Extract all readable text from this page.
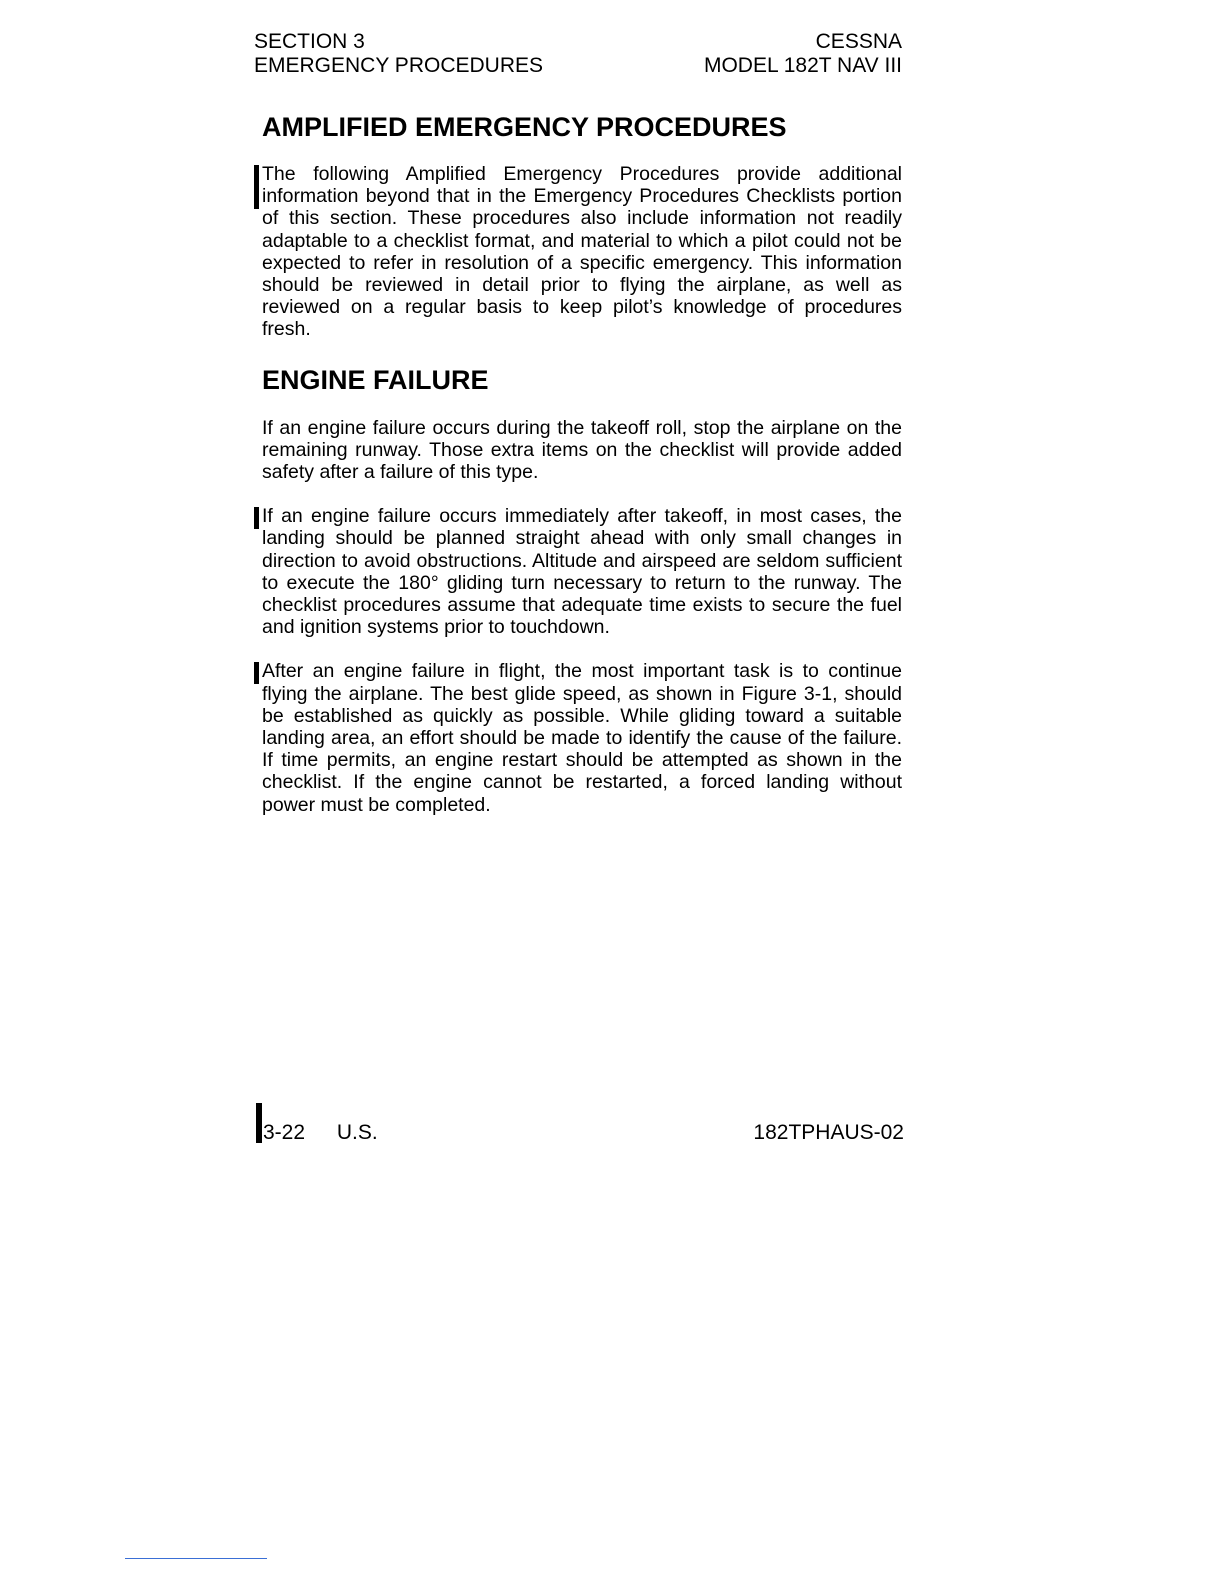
SECTION 3
EMERGENCY PROCEDURES
CESSNA
MODEL 182T NAV III
AMPLIFIED EMERGENCY PROCEDURES

The following Amplified Emergency Procedures provide additional information beyond that in the Emergency Procedures Checklists portion of this section. These procedures also include information not readily adaptable to a checklist format, and material to which a pilot could not be expected to refer in resolution of a specific emergency. This information should be reviewed in detail prior to flying the airplane, as well as reviewed on a regular basis to keep pilot’s knowledge of procedures fresh.

ENGINE FAILURE

If an engine failure occurs during the takeoff roll, stop the airplane on the remaining runway. Those extra items on the checklist will provide added safety after a failure of this type.

If an engine failure occurs immediately after takeoff, in most cases, the landing should be planned straight ahead with only small changes in direction to avoid obstructions. Altitude and airspeed are seldom sufficient to execute the 180° gliding turn necessary to return to the runway. The checklist procedures assume that adequate time exists to secure the fuel and ignition systems prior to touchdown.

After an engine failure in flight, the most important task is to continue flying the airplane. The best glide speed, as shown in Figure 3-1, should be established as quickly as possible. While gliding toward a suitable landing area, an effort should be made to identify the cause of the failure. If time permits, an engine restart should be attempted as shown in the checklist. If the engine cannot be restarted, a forced landing without power must be completed.

3-22 U.S.	182TPHAUS-02
